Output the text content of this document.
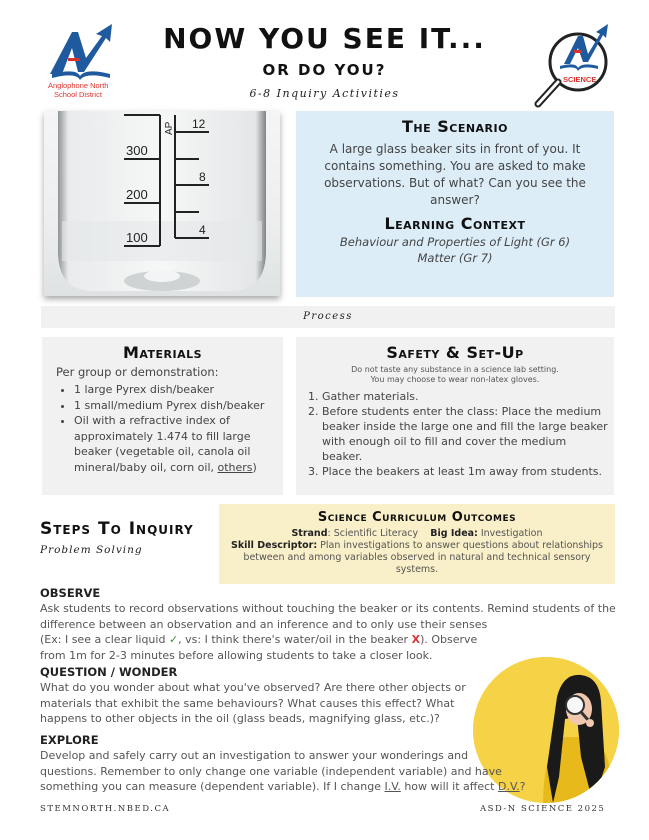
Anglophone North
School District
NOW YOU SEE IT...
OR DO YOU?
6-8 Inquiry Activities
SCIENCE
300
200
100
12
8
4
AP	The Scenario
A large glass beaker sits in front of you. It contains something. You are asked to make observations. But of what? Can you see the answer?
Learning Context
Behaviour and Properties of Light (Gr 6)
Matter (Gr 7)
Process
Materials
Per group or demonstration:
• 1 large Pyrex dish/beaker
• 1 small/medium Pyrex dish/beaker
• Oil with a refractive index of approximately 1.474 to fill large beaker (vegetable oil, canola oil mineral/baby oil, corn oil, others)
Safety & Set-Up
Do not taste any substance in a science lab setting.
You may choose to wear non-latex gloves.
1. Gather materials.
2. Before students enter the class: Place the medium beaker inside the large one and fill the large beaker with enough oil to fill and cover the medium beaker.
3. Place the beakers at least 1m away from students.
Steps To Inquiry
Problem Solving
Science Curriculum Outcomes
Strand: Scientific Literacy Big Idea: Investigation
Skill Descriptor: Plan investigations to answer questions about relationships between and among variables observed in natural and technical sensory systems.
OBSERVE
Ask students to record observations without touching the beaker or its contents. Remind students of the
difference between an observation and an inference and to only use their senses
(Ex: I see a clear liquid ✓, vs: I think there's water/oil in the beaker X). Observe
from 1m for 2-3 minutes before allowing students to take a closer look.
QUESTION / WONDER
What do you wonder about what you've observed? Are there other objects or
materials that exhibit the same behaviours? What causes this effect? What
happens to other objects in the oil (glass beads, magnifying glass, etc.)?
EXPLORE
Develop and safely carry out an investigation to answer your wonderings and
questions. Remember to only change one variable (independent variable) and have
something you can measure (dependent variable). If I change I.V. how will it affect D.V.?
STEMNORTH.NBED.CA	ASD-N SCIENCE 2025
